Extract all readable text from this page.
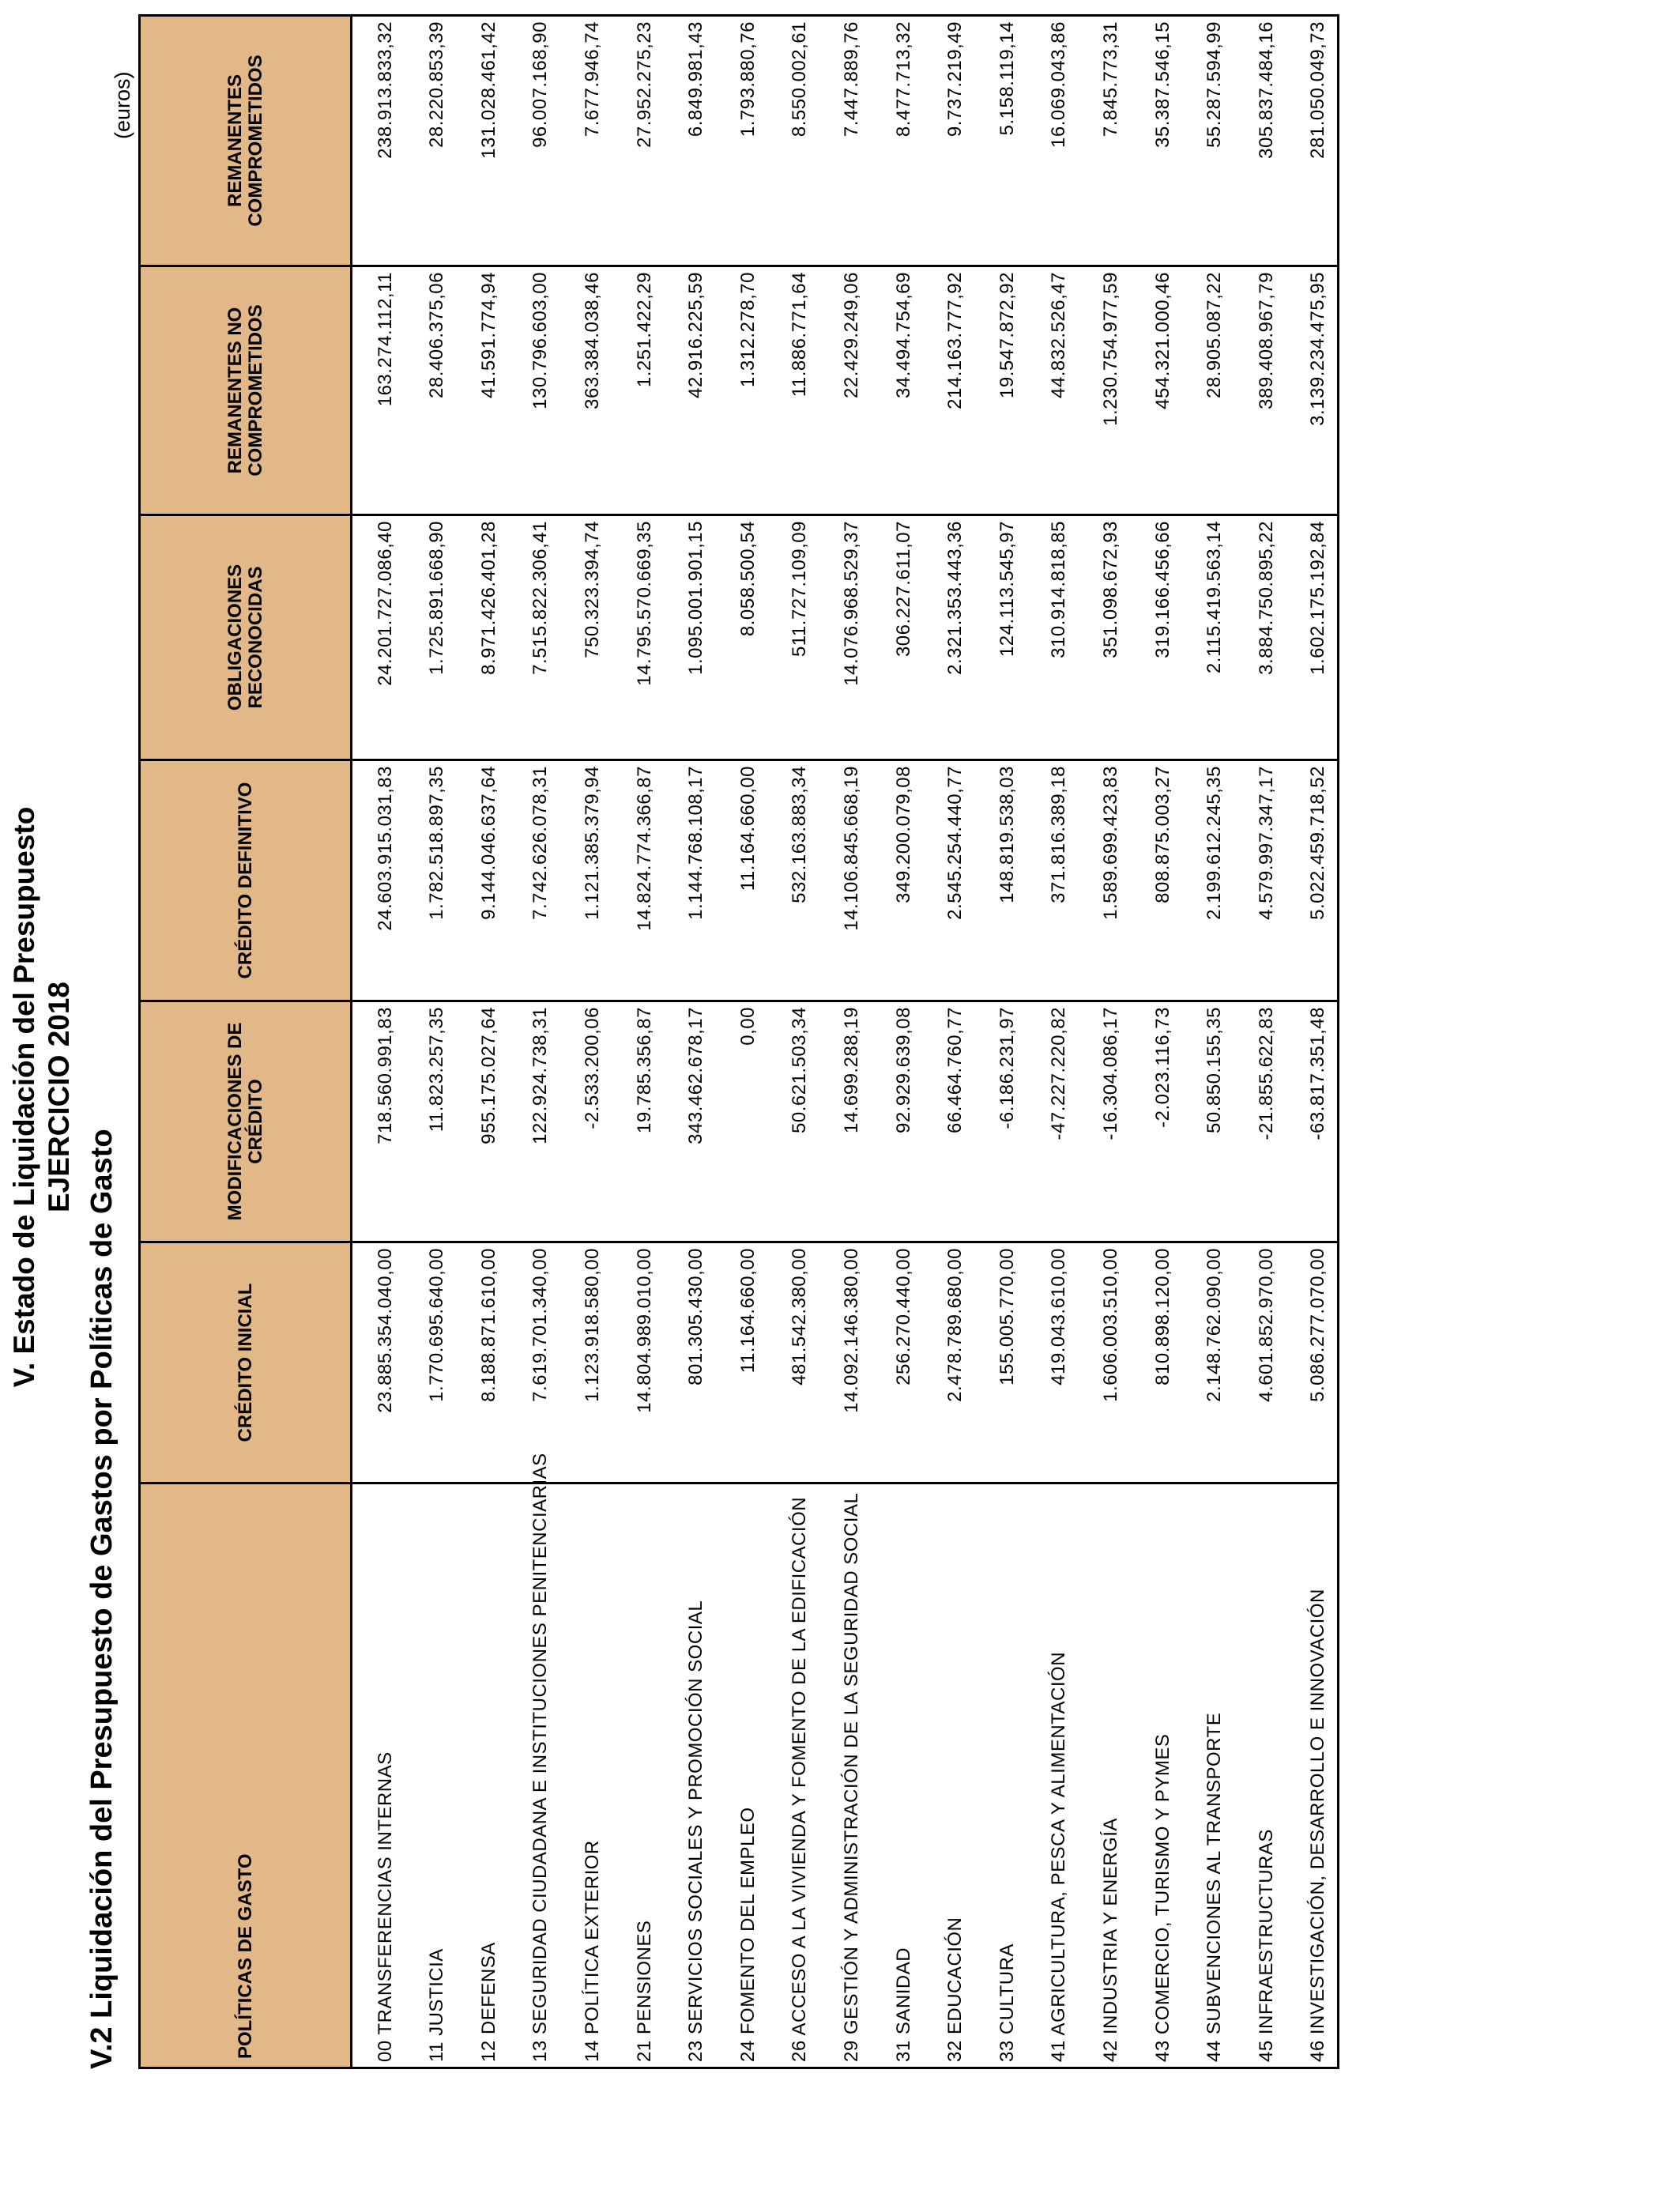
V. Estado de Liquidación del Presupuesto EJERCICIO 2018
V.2 Liquidación del Presupuesto de Gastos por Políticas de Gasto
(euros)
POLÍTICAS DE GASTO
CRÉDITO INICIAL
MODIFICACIONES DE CRÉDITO
CRÉDITO DEFINITIVO
OBLIGACIONES RECONOCIDAS
REMANENTES NO COMPROMETIDOS
REMANENTES COMPROMETIDOS
00 TRANSFERENCIAS INTERNAS
23.885.354.040,00
718.560.991,83
24.603.915.031,83
24.201.727.086,40
163.274.112,11
238.913.833,32
11 JUSTICIA
1.770.695.640,00
11.823.257,35
1.782.518.897,35
1.725.891.668,90
28.406.375,06
28.220.853,39
12 DEFENSA
8.188.871.610,00
955.175.027,64
9.144.046.637,64
8.971.426.401,28
41.591.774,94
131.028.461,42
13 SEGURIDAD CIUDADANA E INSTITUCIONES PENITENCIARIAS
7.619.701.340,00
122.924.738,31
7.742.626.078,31
7.515.822.306,41
130.796.603,00
96.007.168,90
14 POLÍTICA EXTERIOR
1.123.918.580,00
-2.533.200,06
1.121.385.379,94
750.323.394,74
363.384.038,46
7.677.946,74
21 PENSIONES
14.804.989.010,00
19.785.356,87
14.824.774.366,87
14.795.570.669,35
1.251.422,29
27.952.275,23
23 SERVICIOS SOCIALES Y PROMOCIÓN SOCIAL
801.305.430,00
343.462.678,17
1.144.768.108,17
1.095.001.901,15
42.916.225,59
6.849.981,43
24 FOMENTO DEL EMPLEO
11.164.660,00
0,00
11.164.660,00
8.058.500,54
1.312.278,70
1.793.880,76
26 ACCESO A LA VIVIENDA Y FOMENTO DE LA EDIFICACIÓN
481.542.380,00
50.621.503,34
532.163.883,34
511.727.109,09
11.886.771,64
8.550.002,61
29 GESTIÓN Y ADMINISTRACIÓN DE LA SEGURIDAD SOCIAL
14.092.146.380,00
14.699.288,19
14.106.845.668,19
14.076.968.529,37
22.429.249,06
7.447.889,76
31 SANIDAD
256.270.440,00
92.929.639,08
349.200.079,08
306.227.611,07
34.494.754,69
8.477.713,32
32 EDUCACIÓN
2.478.789.680,00
66.464.760,77
2.545.254.440,77
2.321.353.443,36
214.163.777,92
9.737.219,49
33 CULTURA
155.005.770,00
-6.186.231,97
148.819.538,03
124.113.545,97
19.547.872,92
5.158.119,14
41 AGRICULTURA, PESCA Y ALIMENTACIÓN
419.043.610,00
-47.227.220,82
371.816.389,18
310.914.818,85
44.832.526,47
16.069.043,86
42 INDUSTRIA Y ENERGÍA
1.606.003.510,00
-16.304.086,17
1.589.699.423,83
351.098.672,93
1.230.754.977,59
7.845.773,31
43 COMERCIO, TURISMO Y PYMES
810.898.120,00
-2.023.116,73
808.875.003,27
319.166.456,66
454.321.000,46
35.387.546,15
44 SUBVENCIONES AL TRANSPORTE
2.148.762.090,00
50.850.155,35
2.199.612.245,35
2.115.419.563,14
28.905.087,22
55.287.594,99
45 INFRAESTRUCTURAS
4.601.852.970,00
-21.855.622,83
4.579.997.347,17
3.884.750.895,22
389.408.967,79
305.837.484,16
46 INVESTIGACIÓN, DESARROLLO E INNOVACIÓN
5.086.277.070,00
-63.817.351,48
5.022.459.718,52
1.602.175.192,84
3.139.234.475,95
281.050.049,73
